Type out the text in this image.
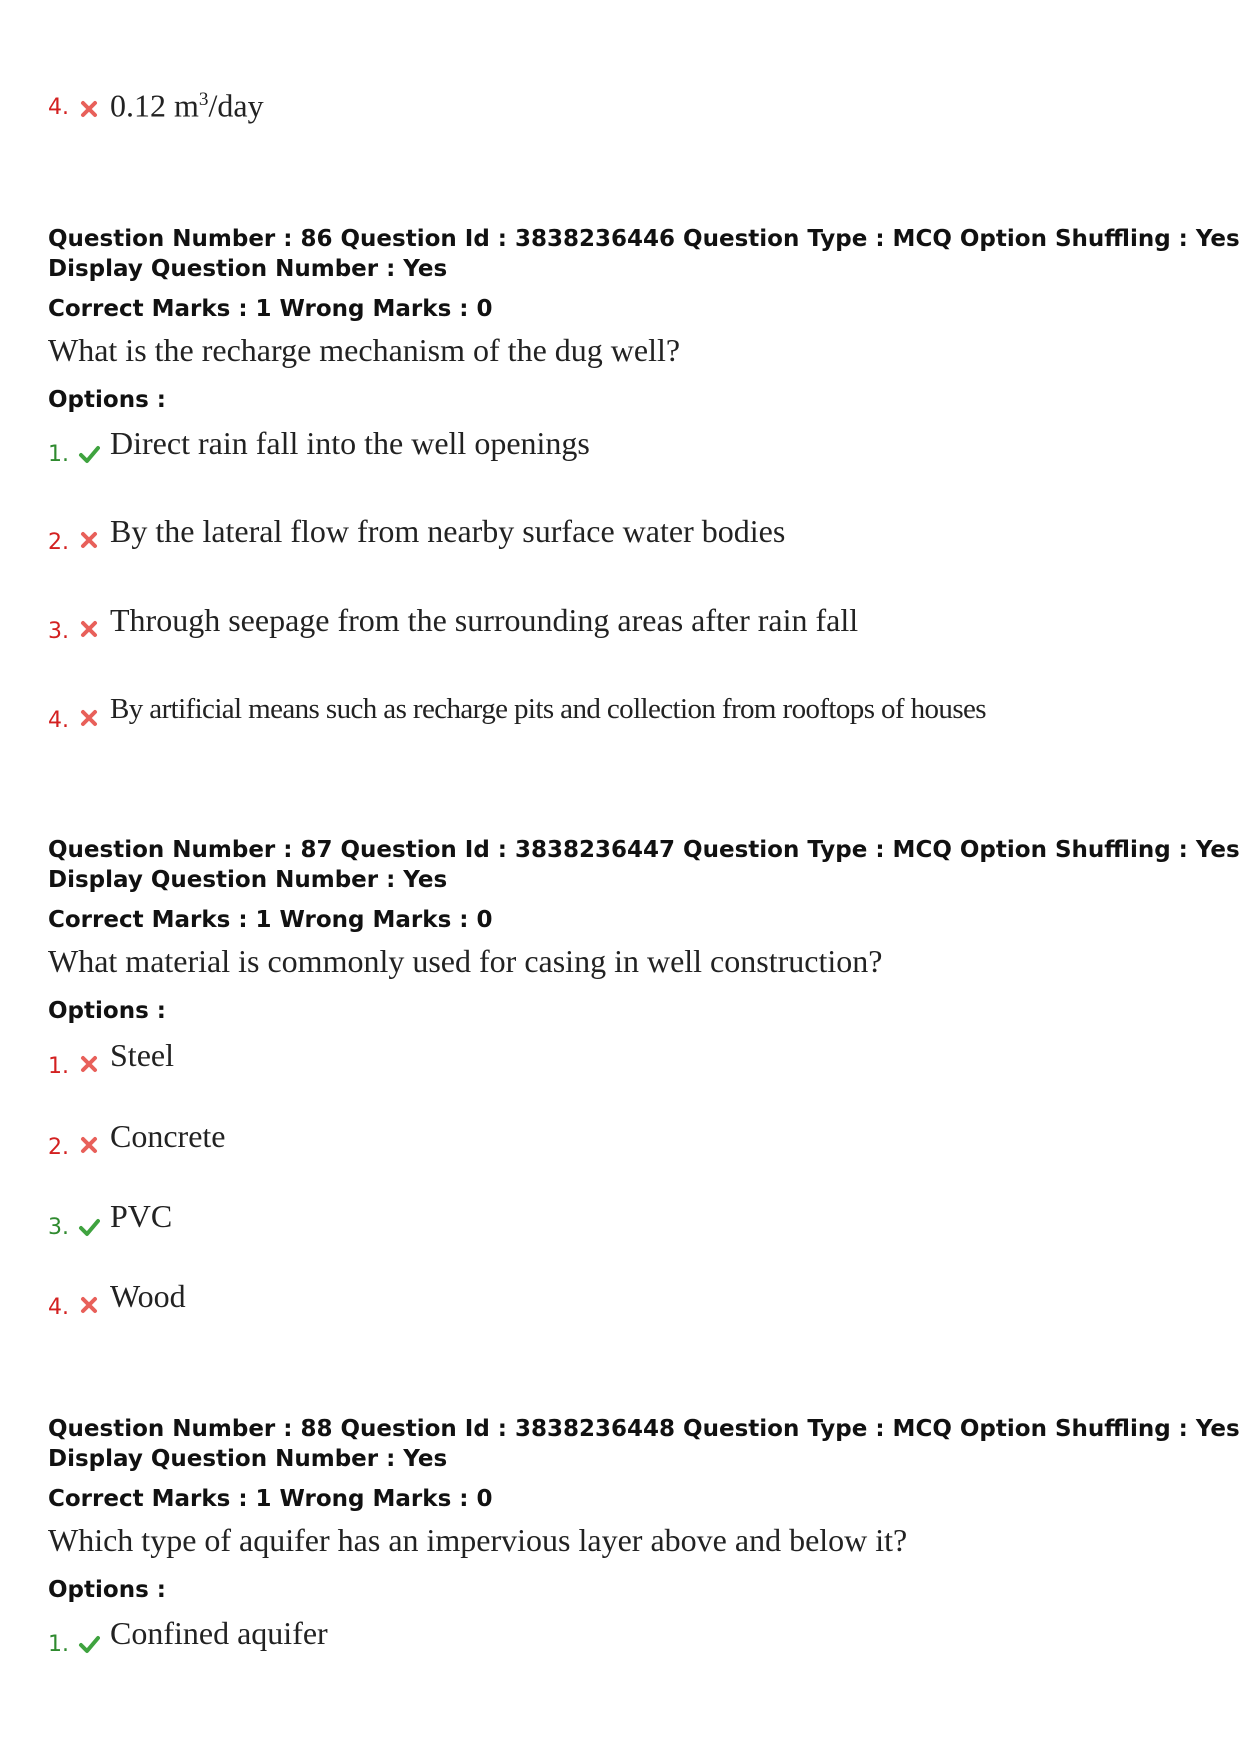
4. 0.12 $m^3$/day
Question Number : 86 Question Id : 3838236446 Question Type : MCQ Option Shuffling : Yes
Display Question Number : Yes
Correct Marks : 1 Wrong Marks : 0
What is the recharge mechanism of the dug well?
Options :
1. Direct rain fall into the well openings
2. By the lateral flow from nearby surface water bodies
3. Through seepage from the surrounding areas after rain fall
4. By artificial means such as recharge pits and collection from rooftops of houses
Question Number : 87 Question Id : 3838236447 Question Type : MCQ Option Shuffling : Yes
Display Question Number : Yes
Correct Marks : 1 Wrong Marks : 0
What material is commonly used for casing in well construction?
Options :
1. Steel
2. Concrete
3. PVC
4. Wood
Question Number : 88 Question Id : 3838236448 Question Type : MCQ Option Shuffling : Yes
Display Question Number : Yes
Correct Marks : 1 Wrong Marks : 0
Which type of aquifer has an impervious layer above and below it?
Options :
1. Confined aquifer
